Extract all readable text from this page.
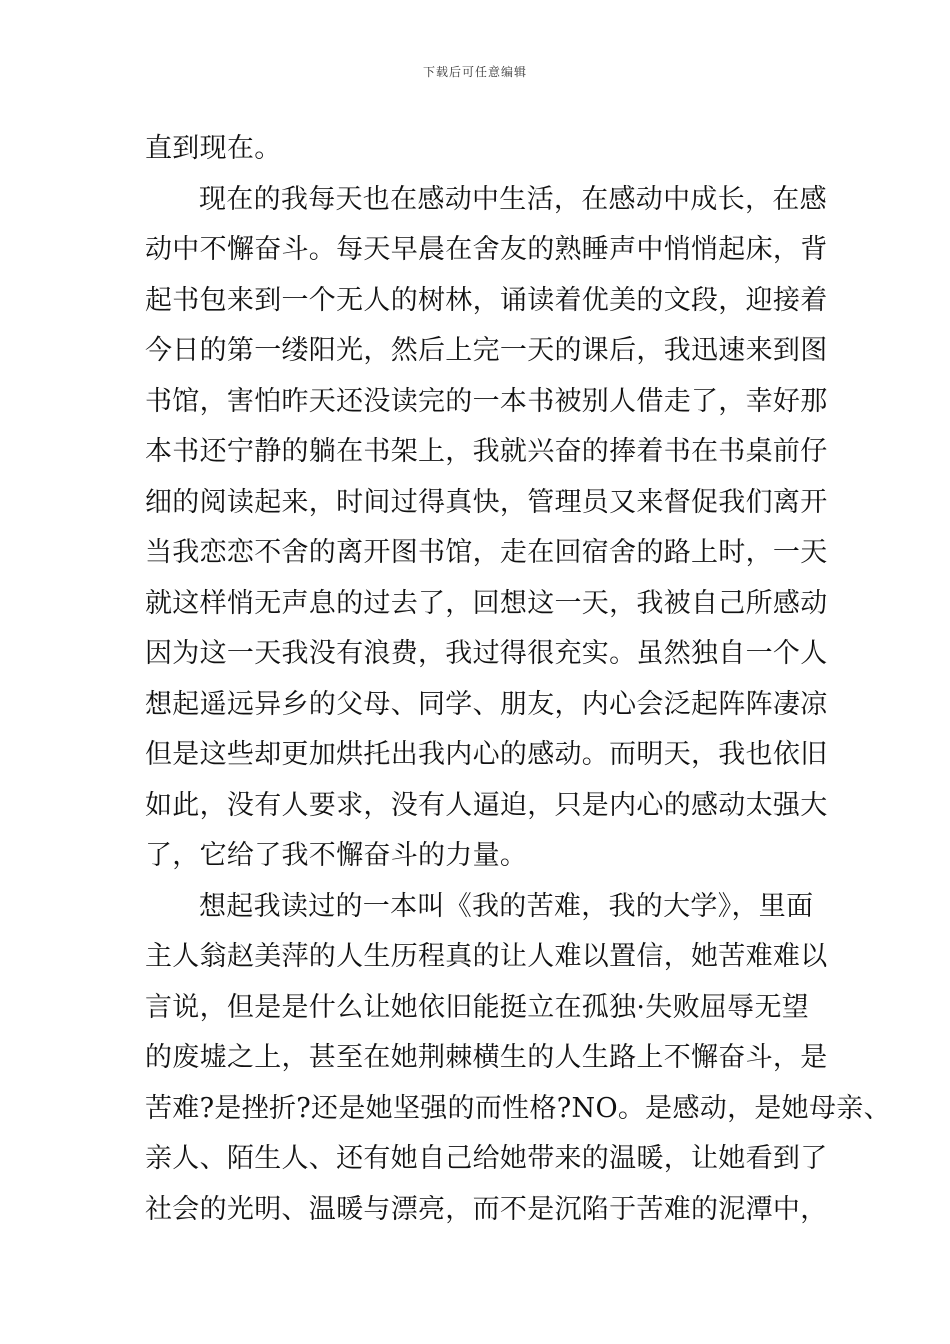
下载后可任意编辑
直到现在。
现在的我每天也在感动中生活，在感动中成长，在感
动中不懈奋斗。每天早晨在舍友的熟睡声中悄悄起床，背
起书包来到一个无人的树林，诵读着优美的文段，迎接着
今日的第一缕阳光，然后上完一天的课后，我迅速来到图
书馆，害怕昨天还没读完的一本书被别人借走了，幸好那
本书还宁静的躺在书架上，我就兴奋的捧着书在书桌前仔
细的阅读起来，时间过得真快，管理员又来督促我们离开
当我恋恋不舍的离开图书馆，走在回宿舍的路上时，一天
就这样悄无声息的过去了，回想这一天，我被自己所感动
因为这一天我没有浪费，我过得很充实。虽然独自一个人
想起遥远异乡的父母、同学、朋友，内心会泛起阵阵凄凉
但是这些却更加烘托出我内心的感动。而明天，我也依旧
如此，没有人要求，没有人逼迫，只是内心的感动太强大
了，它给了我不懈奋斗的力量。
想起我读过的一本叫《我的苦难，我的大学》，里面
主人翁赵美萍的人生历程真的让人难以置信，她苦难难以
言说，但是是什么让她依旧能挺立在孤独·失败屈辱无望
的废墟之上，甚至在她荆棘横生的人生路上不懈奋斗，是
苦难?是挫折?还是她坚强的而性格?NO。是感动，是她母亲、
亲人、陌生人、还有她自己给她带来的温暖，让她看到了
社会的光明、温暖与漂亮，而不是沉陷于苦难的泥潭中，
